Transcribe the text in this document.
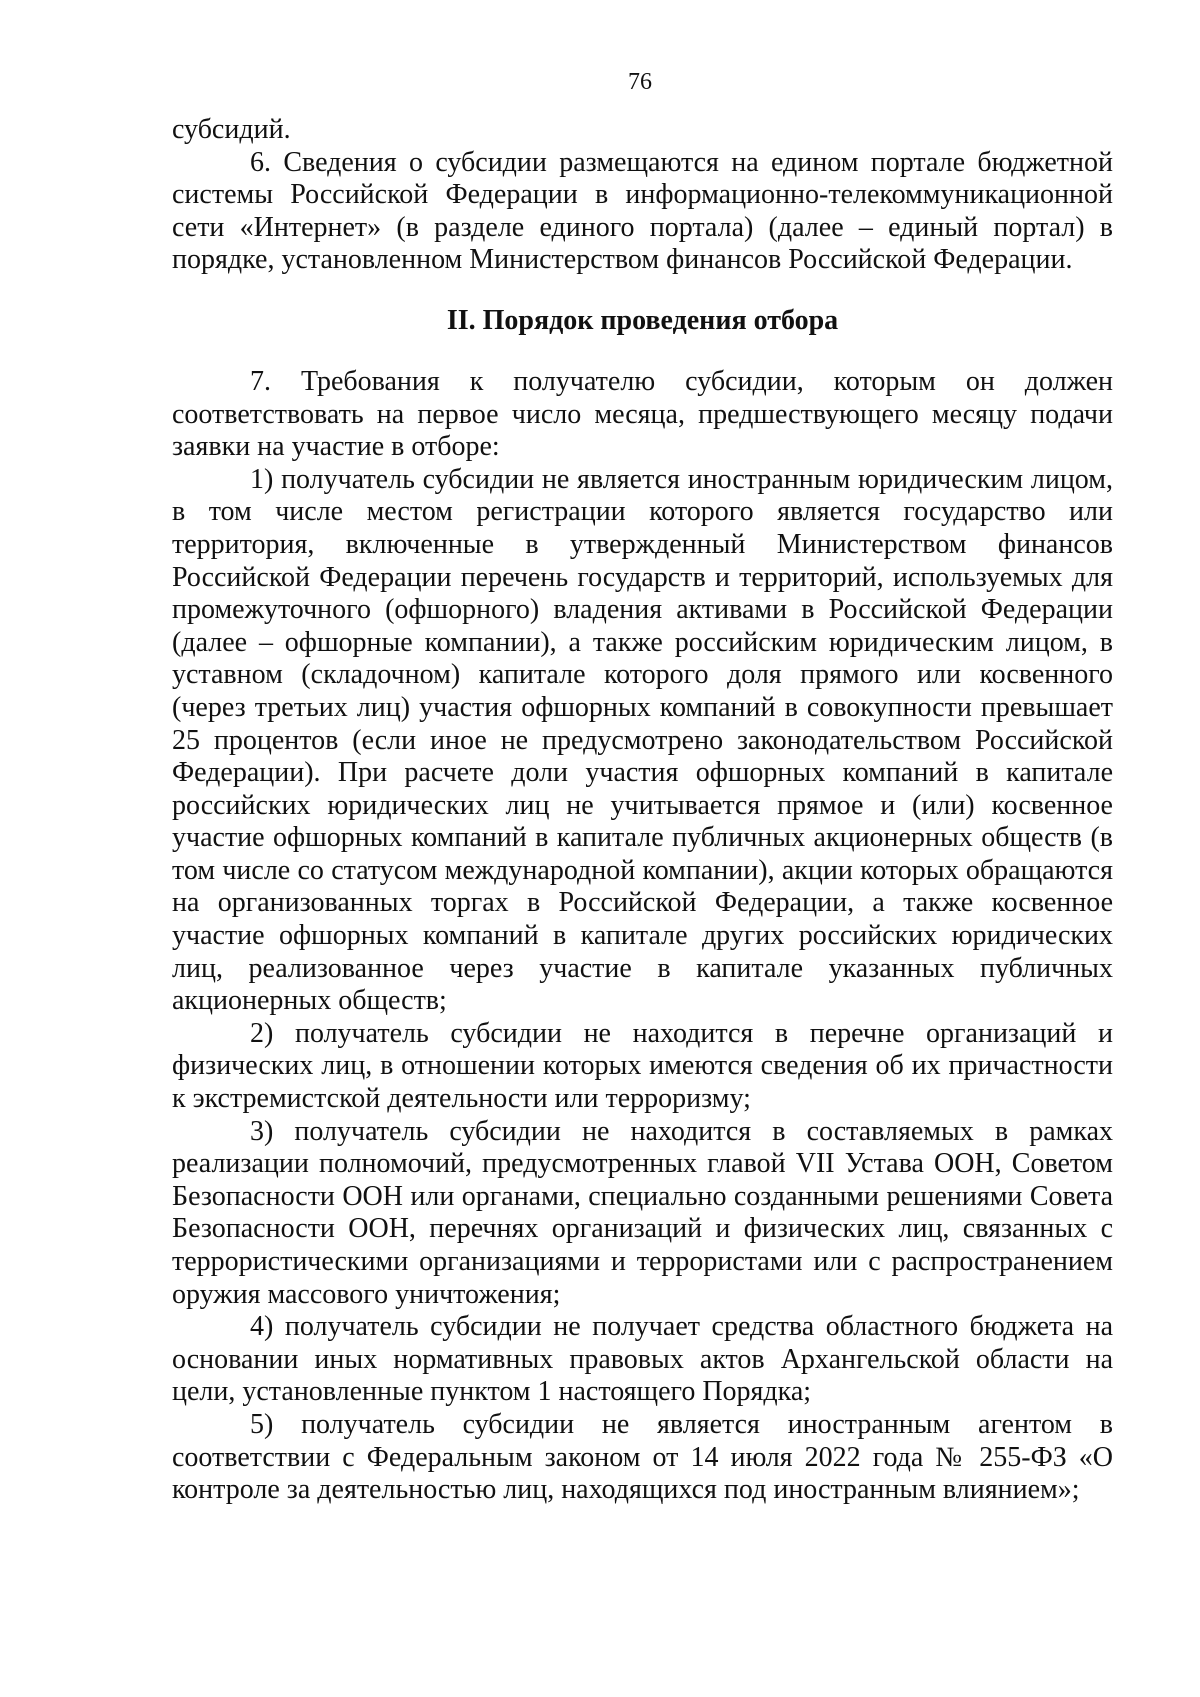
76

субсидий.

6. Сведения о субсидии размещаются на едином портале бюджетной системы Российской Федерации в информационно-телекоммуникационной сети «Интернет» (в разделе единого портала) (далее – единый портал) в порядке, установленном Министерством финансов Российской Федерации.

II. Порядок проведения отбора

7. Требования к получателю субсидии, которым он должен соответствовать на первое число месяца, предшествующего месяцу подачи заявки на участие в отборе:

1) получатель субсидии не является иностранным юридическим лицом, в том числе местом регистрации которого является государство или территория, включенные в утвержденный Министерством финансов Российской Федерации перечень государств и территорий, используемых для промежуточного (офшорного) владения активами в Российской Федерации (далее – офшорные компании), а также российским юридическим лицом, в уставном (складочном) капитале которого доля прямого или косвенного (через третьих лиц) участия офшорных компаний в совокупности превышает 25 процентов (если иное не предусмотрено законодательством Российской Федерации). При расчете доли участия офшорных компаний в капитале российских юридических лиц не учитывается прямое и (или) косвенное участие офшорных компаний в капитале публичных акционерных обществ (в том числе со статусом международной компании), акции которых обращаются на организованных торгах в Российской Федерации, а также косвенное участие офшорных компаний в капитале других российских юридических лиц, реализованное через участие в капитале указанных публичных акционерных обществ;

2) получатель субсидии не находится в перечне организаций и физических лиц, в отношении которых имеются сведения об их причастности к экстремистской деятельности или терроризму;

3) получатель субсидии не находится в составляемых в рамках реализации полномочий, предусмотренных главой VII Устава ООН, Советом Безопасности ООН или органами, специально созданными решениями Совета Безопасности ООН, перечнях организаций и физических лиц, связанных с террористическими организациями и террористами или с распространением оружия массового уничтожения;

4) получатель субсидии не получает средства областного бюджета на основании иных нормативных правовых актов Архангельской области на цели, установленные пунктом 1 настоящего Порядка;

5) получатель субсидии не является иностранным агентом в соответствии с Федеральным законом от 14 июля 2022 года № 255-ФЗ «О контроле за деятельностью лиц, находящихся под иностранным влиянием»;
